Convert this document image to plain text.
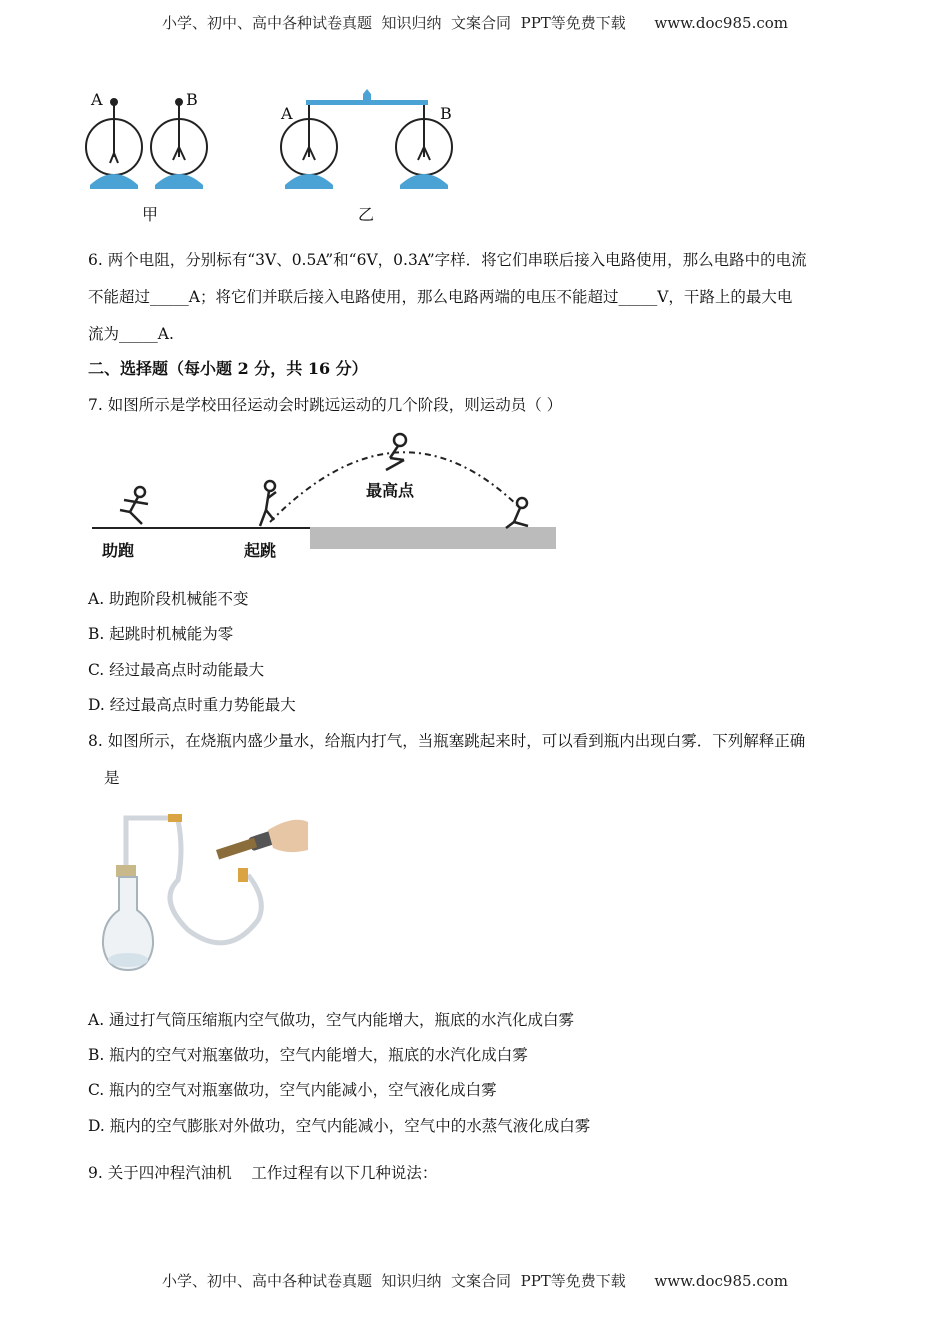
小学、初中、高中各种试卷真题  知识归纳  文案合同  PPT等免费下载      www.doc985.com
A	B
A	B
甲	乙
6. 两个电阻，分别标有“3V、0.5A”和“6V，0.3A”字样．将它们串联后接入电路使用，那么电路中的电流
不能超过_____A；将它们并联后接入电路使用，那么电路两端的电压不能超过_____V，干路上的最大电
流为_____A.
二、选择题（每小题 2 分，共 16 分）
7. 如图所示是学校田径运动会时跳远运动的几个阶段，则运动员（ ）
助跑	起跳
最高点
A. 助跑阶段机械能不变
B. 起跳时机械能为零
C. 经过最高点时动能最大
D. 经过最高点时重力势能最大
8. 如图所示，在烧瓶内盛少量水，给瓶内打气，当瓶塞跳起来时，可以看到瓶内出现白雾．下列解释正确
是
A. 通过打气筒压缩瓶内空气做功，空气内能增大，瓶底的水汽化成白雾
B. 瓶内的空气对瓶塞做功，空气内能增大，瓶底的水汽化成白雾
C. 瓶内的空气对瓶塞做功，空气内能减小，空气液化成白雾
D. 瓶内的空气膨胀对外做功，空气内能减小，空气中的水蒸气液化成白雾
9. 关于四冲程汽油机    工作过程有以下几种说法：
小学、初中、高中各种试卷真题  知识归纳  文案合同  PPT等免费下载      www.doc985.com
